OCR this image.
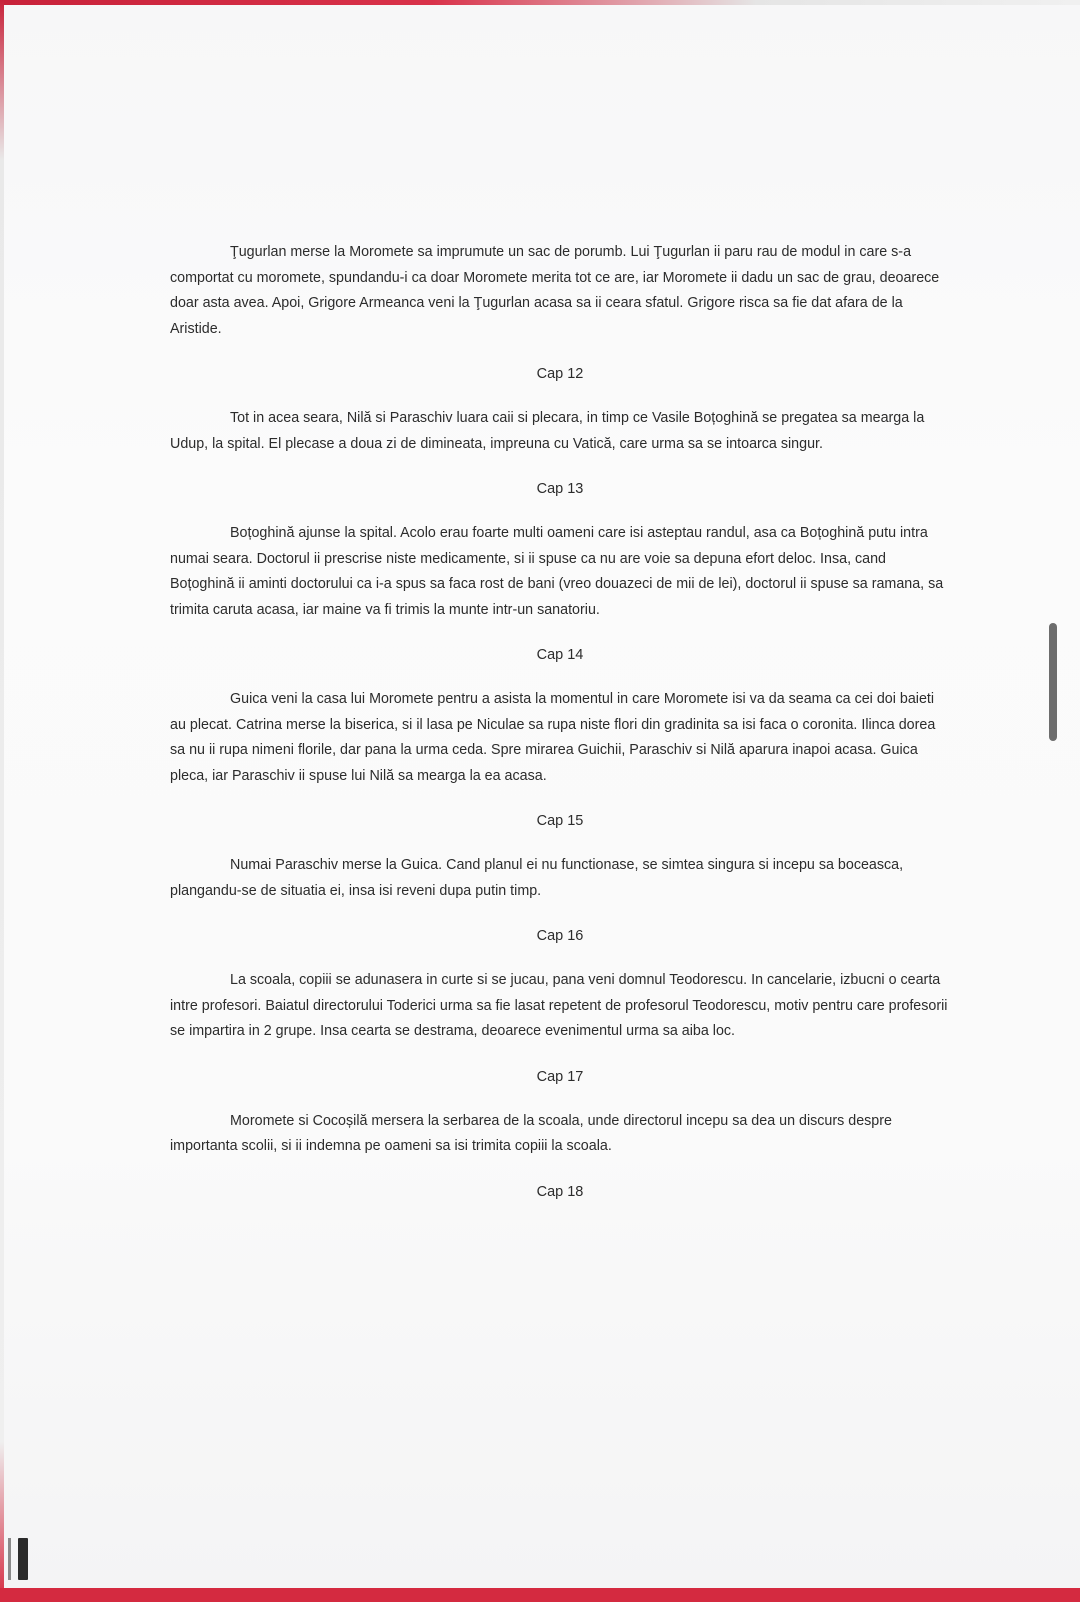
Ţugurlan merse la Moromete sa imprumute un sac de porumb. Lui Ţugurlan ii paru rau de modul in care s-a comportat cu moromete, spundandu-i ca doar Moromete merita tot ce are, iar Moromete ii dadu un sac de grau, deoarece doar asta avea. Apoi, Grigore Armeanca veni la Ţugurlan acasa sa ii ceara sfatul. Grigore risca sa fie dat afara de la Aristide.

Cap 12

Tot in acea seara, Nilă si Paraschiv luara caii si plecara, in timp ce Vasile Boțoghină se pregatea sa mearga la Udup, la spital. El plecase a doua zi de dimineata, impreuna cu Vatică, care urma sa se intoarca singur.

Cap 13

Boțoghină ajunse la spital. Acolo erau foarte multi oameni care isi asteptau randul, asa ca Boțoghină putu intra numai seara. Doctorul ii prescrise niste medicamente, si ii spuse ca nu are voie sa depuna efort deloc. Insa, cand Boțoghină ii aminti doctorului ca i-a spus sa faca rost de bani (vreo douazeci de mii de lei), doctorul ii spuse sa ramana, sa trimita caruta acasa, iar maine va fi trimis la munte intr-un sanatoriu.

Cap 14

Guica veni la casa lui Moromete pentru a asista la momentul in care Moromete isi va da seama ca cei doi baieti au plecat. Catrina merse la biserica, si il lasa pe Niculae sa rupa niste flori din gradinita sa isi faca o coronita. Ilinca dorea sa nu ii rupa nimeni florile, dar pana la urma ceda. Spre mirarea Guichii, Paraschiv si Nilă aparura inapoi acasa. Guica pleca, iar Paraschiv ii spuse lui Nilă sa mearga la ea acasa.

Cap 15

Numai Paraschiv merse la Guica. Cand planul ei nu functionase, se simtea singura si incepu sa boceasca, plangandu-se de situatia ei, insa isi reveni dupa putin timp.

Cap 16

La scoala, copiii se adunasera in curte si se jucau, pana veni domnul Teodorescu. In cancelarie, izbucni o cearta intre profesori. Baiatul directorului Toderici urma sa fie lasat repetent de profesorul Teodorescu, motiv pentru care profesorii se impartira in 2 grupe. Insa cearta se destrama, deoarece evenimentul urma sa aiba loc.

Cap 17

Moromete si Cocoșilă mersera la serbarea de la scoala, unde directorul incepu sa dea un discurs despre importanta scolii, si ii indemna pe oameni sa isi trimita copiii la scoala.

Cap 18
